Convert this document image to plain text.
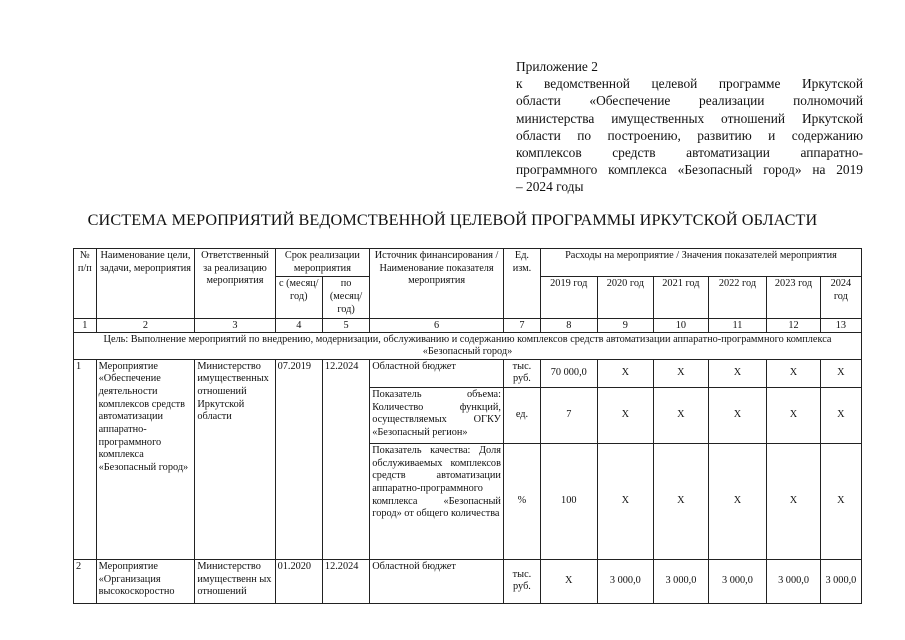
Приложение 2
к ведомственной целевой программе Иркутской
области «Обеспечение реализации полномочий
министерства имущественных отношений Иркутской
области по построению, развитию и содержанию
комплексов средств автоматизации аппаратно-
программного комплекса «Безопасный город» на 2019
– 2024 годы
СИСТЕМА МЕРОПРИЯТИЙ ВЕДОМСТВЕННОЙ ЦЕЛЕВОЙ ПРОГРАММЫ ИРКУТСКОЙ ОБЛАСТИ
№ п/п	Наименование цели, задачи, мероприятия	Ответственный за реализацию мероприятия	Срок реализации мероприятия		Источник финансирования / Наименование показателя мероприятия	Ед. изм.	Расходы на мероприятие / Значения показателей мероприятия					
			с (месяц/ год)	по (месяц/ год)			2019 год	2020 год	2021 год	2022 год	2023 год	2024 год
1	2	3	4	5	6	7	8	9	10	11	12	13
Цель: Выполнение мероприятий по внедрению, модернизации, обслуживанию и содержанию комплексов средств автоматизации аппаратно-программного комплекса «Безопасный город»												
1	Мероприятие «Обеспечение деятельности комплексов средств автоматизации аппаратно-программного комплекса «Безопасный город»	Министерство имущественных отношений Иркутской области	07.2019	12.2024	Областной бюджет	тыс. руб.	70 000,0	Х	Х	Х	Х	Х
					Показатель объема: Количество функций, осуществляемых ОГКУ «Безопасный регион»	ед.	7	Х	Х	Х	Х	Х
					Показатель качества: Доля обслуживаемых комплексов средств автоматизации аппаратно-программного комплекса «Безопасный город» от общего количества	%	100	Х	Х	Х	Х	Х
2	Мероприятие «Организация высокоскоростно	Министерство имущественн ых отношений	01.2020	12.2024	Областной бюджет	тыс. руб.	Х	3 000,0	3 000,0	3 000,0	3 000,0	3 000,0
